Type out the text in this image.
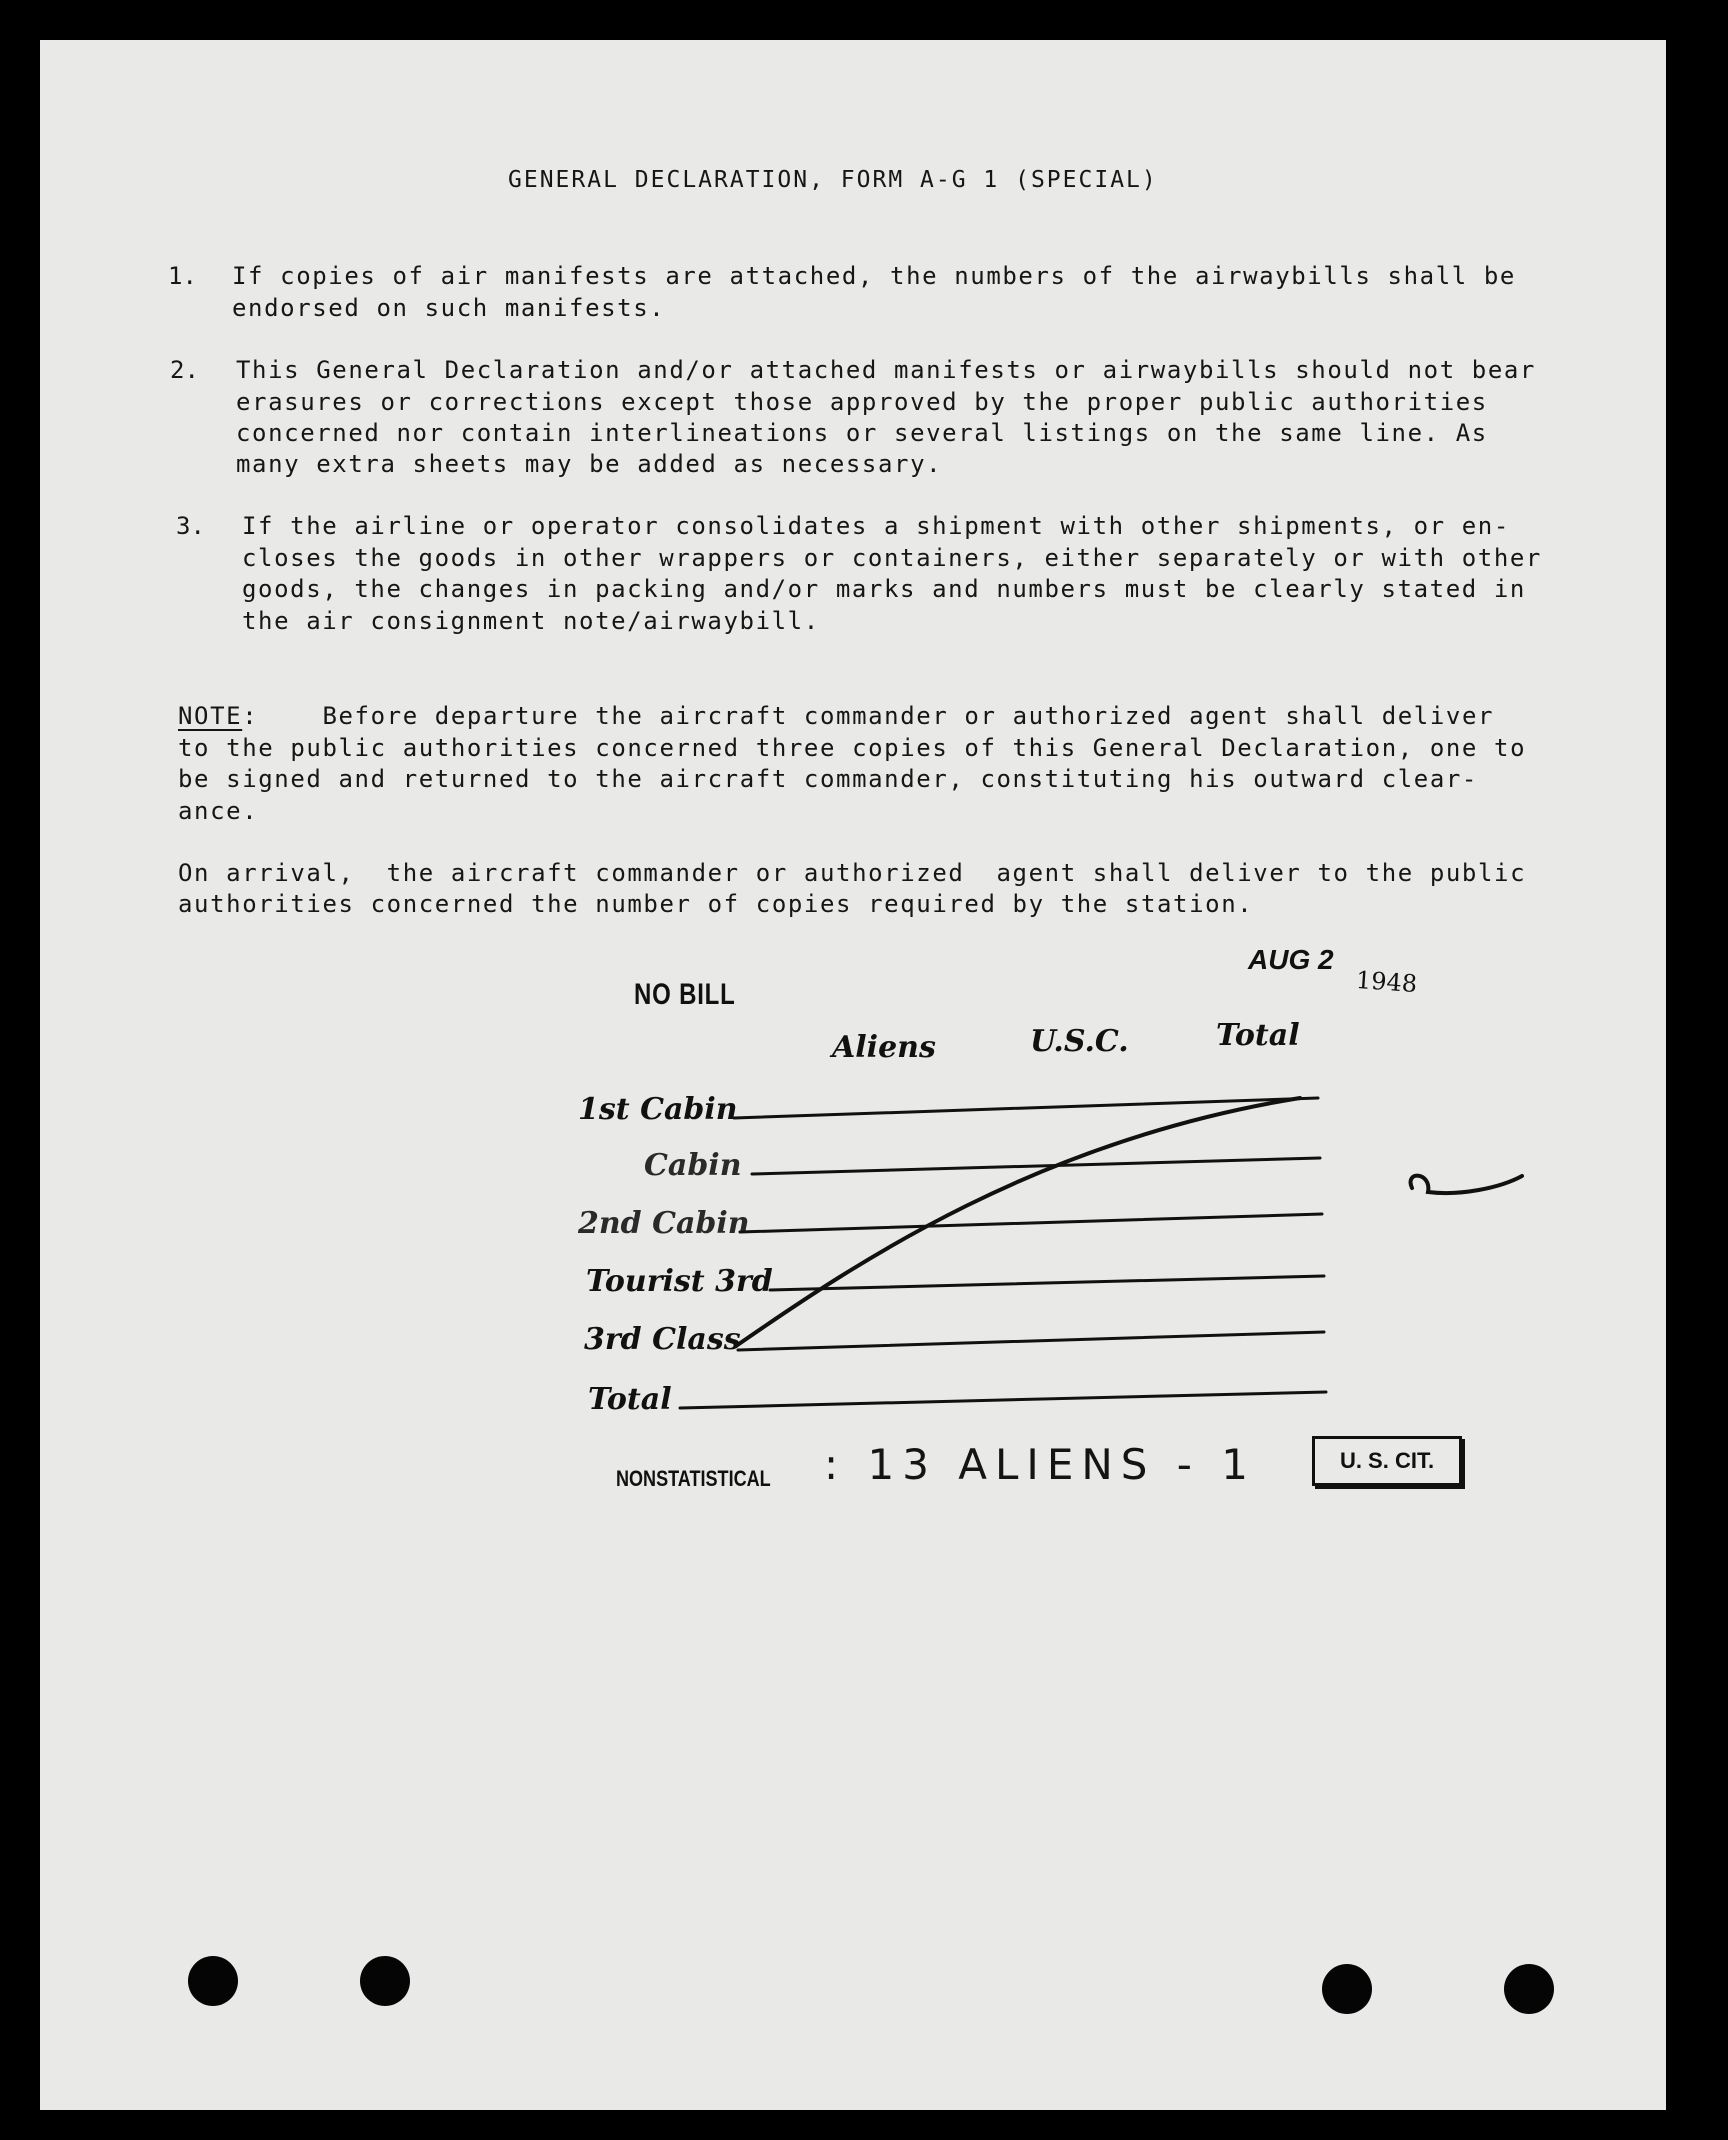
GENERAL DECLARATION, FORM A-G 1 (SPECIAL)
1. If copies of air manifests are attached, the numbers of the airwaybills shall be
endorsed on such manifests.
2. This General Declaration and/or attached manifests or airwaybills should not bear
erasures or corrections except those approved by the proper public authorities
concerned nor contain interlineations or several listings on the same line. As
many extra sheets may be added as necessary.
3. If the airline or operator consolidates a shipment with other shipments, or en-
closes the goods in other wrappers or containers, either separately or with other
goods, the changes in packing and/or marks and numbers must be clearly stated in
the air consignment note/airwaybill.
NOTE:    Before departure the aircraft commander or authorized agent shall deliver
to the public authorities concerned three copies of this General Declaration, one to
be signed and returned to the aircraft commander, constituting his outward clear-
ance.
On arrival,  the aircraft commander or authorized  agent shall deliver to the public
authorities concerned the number of copies required by the station.
NO BILL
AUG 2
1948
Aliens	U.S.C.	Total
1st Cabin
Cabin
2nd Cabin
Tourist 3rd
3rd Class
Total
NONSTATISTICAL : 13 ALIENS - 1	U. S. CIT.
